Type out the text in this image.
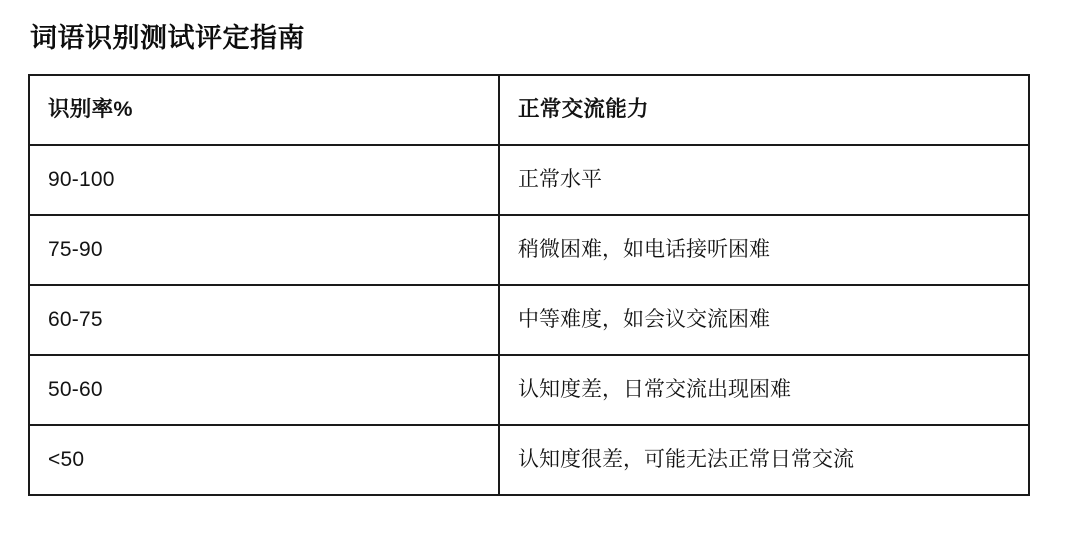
词语识别测试评定指南
识别率%	正常交流能力
90-100	正常水平
75-90	稍微困难，如电话接听困难
60-75	中等难度，如会议交流困难
50-60	认知度差，日常交流出现困难
<50	认知度很差，可能无法正常日常交流
